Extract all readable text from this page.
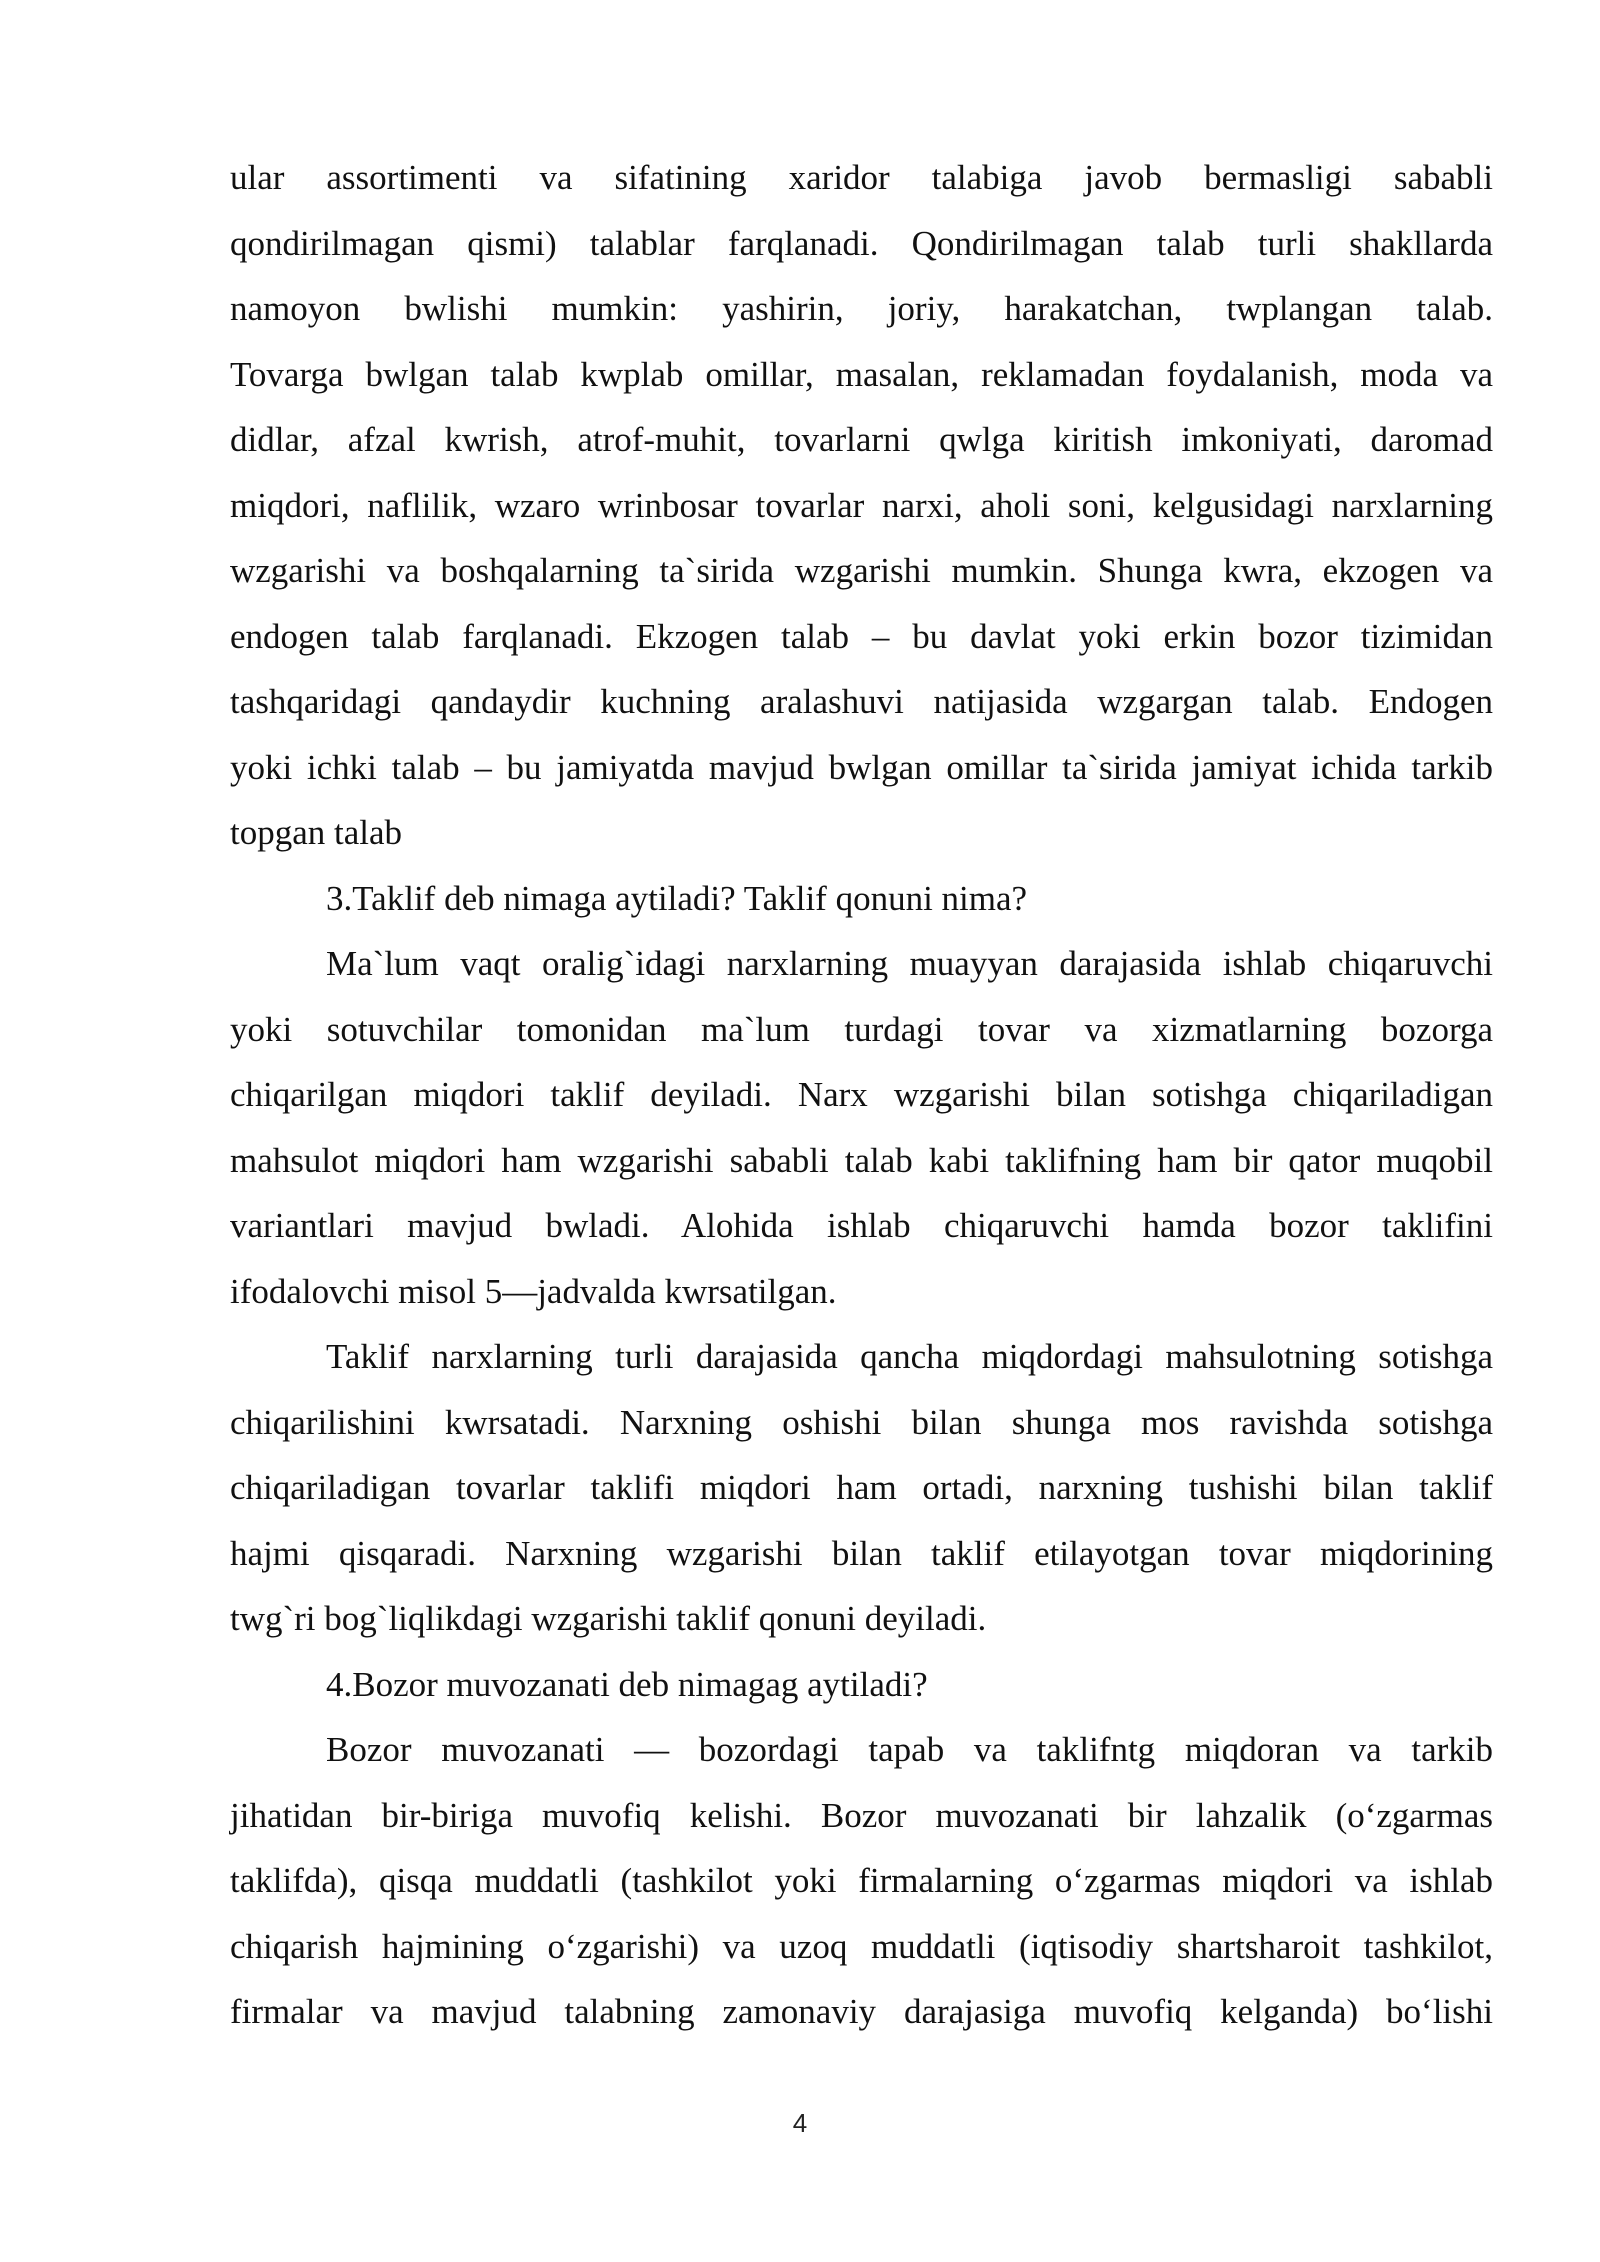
ular assortimenti va sifatining xaridor talabiga javob bermasligi sababli
qondirilmagan qismi) talablar farqlanadi. Qondirilmagan talab turli shakllarda
namoyon bwlishi mumkin: yashirin, joriy, harakatchan, twplangan talab.
Tovarga bwlgan talab kwplab omillar, masalan, reklamadan foydalanish, moda va
didlar, afzal kwrish, atrof-muhit, tovarlarni qwlga kiritish imkoniyati, daromad
miqdori, naflilik, wzaro wrinbosar tovarlar narxi, aholi soni, kelgusidagi narxlarning
wzgarishi va boshqalarning ta`sirida wzgarishi mumkin. Shunga kwra, ekzogen va
endogen talab farqlanadi. Ekzogen talab – bu davlat yoki erkin bozor tizimidan
tashqaridagi qandaydir kuchning aralashuvi natijasida wzgargan talab. Endogen
yoki ichki talab – bu jamiyatda mavjud bwlgan omillar ta`sirida jamiyat ichida tarkib
topgan talab
3.Taklif deb nimaga aytiladi? Taklif qonuni nima?
Ma`lum vaqt oralig`idagi narxlarning muayyan darajasida ishlab chiqaruvchi
yoki sotuvchilar tomonidan ma`lum turdagi tovar va xizmatlarning bozorga
chiqarilgan miqdori taklif deyiladi. Narx wzgarishi bilan sotishga chiqariladigan
mahsulot miqdori ham wzgarishi sababli talab kabi taklifning ham bir qator muqobil
variantlari mavjud bwladi. Alohida ishlab chiqaruvchi hamda bozor taklifini
ifodalovchi misol 5—jadvalda kwrsatilgan.
Taklif narxlarning turli darajasida qancha miqdordagi mahsulotning sotishga
chiqarilishini kwrsatadi. Narxning oshishi bilan shunga mos ravishda sotishga
chiqariladigan tovarlar taklifi miqdori ham ortadi, narxning tushishi bilan taklif
hajmi qisqaradi. Narxning wzgarishi bilan taklif etilayotgan tovar miqdorining
twg`ri bog`liqlikdagi wzgarishi taklif qonuni deyiladi.
4.Bozor muvozanati deb nimagag aytiladi?
Bozor muvozanati — bozordagi tapab va taklifntg miqdoran va tarkib
jihatidan bir-biriga muvofiq kelishi. Bozor muvozanati bir lahzalik (o‘zgarmas
taklifda), qisqa muddatli (tashkilot yoki firmalarning o‘zgarmas miqdori va ishlab
chiqarish hajmining o‘zgarishi) va uzoq muddatli (iqtisodiy shartsharoit tashkilot,
firmalar va mavjud talabning zamonaviy darajasiga muvofiq kelganda) bo‘lishi
4
